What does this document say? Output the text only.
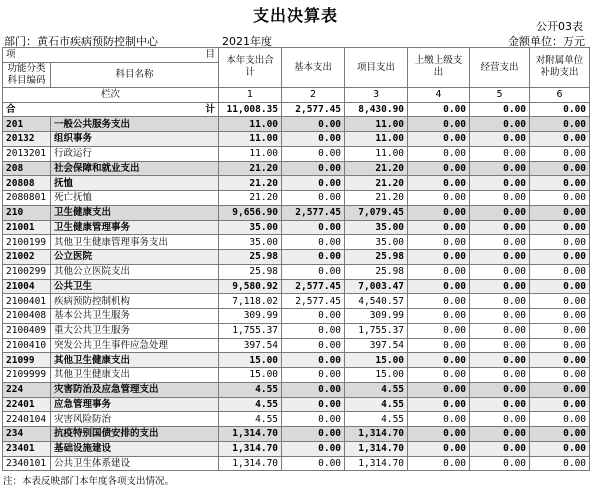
支出决算表
公开03表
部门：黄石市疾病预防控制中心	2021年度	金额单位：万元
项 目		本年支出合计	基本支出	项目支出	上缴上级支出	经营支出	对附属单位补助支出
功能分类科目编码	科目名称						
栏次		1	2	3	4	5	6
合 计		11,008.35	2,577.45	8,430.90	0.00	0.00	0.00
201	一般公共服务支出	11.00	0.00	11.00	0.00	0.00	0.00
20132	组织事务	11.00	0.00	11.00	0.00	0.00	0.00
2013201	行政运行	11.00	0.00	11.00	0.00	0.00	0.00
208	社会保障和就业支出	21.20	0.00	21.20	0.00	0.00	0.00
20808	抚恤	21.20	0.00	21.20	0.00	0.00	0.00
2080801	死亡抚恤	21.20	0.00	21.20	0.00	0.00	0.00
210	卫生健康支出	9,656.90	2,577.45	7,079.45	0.00	0.00	0.00
21001	卫生健康管理事务	35.00	0.00	35.00	0.00	0.00	0.00
2100199	其他卫生健康管理事务支出	35.00	0.00	35.00	0.00	0.00	0.00
21002	公立医院	25.98	0.00	25.98	0.00	0.00	0.00
2100299	其他公立医院支出	25.98	0.00	25.98	0.00	0.00	0.00
21004	公共卫生	9,580.92	2,577.45	7,003.47	0.00	0.00	0.00
2100401	疾病预防控制机构	7,118.02	2,577.45	4,540.57	0.00	0.00	0.00
2100408	基本公共卫生服务	309.99	0.00	309.99	0.00	0.00	0.00
2100409	重大公共卫生服务	1,755.37	0.00	1,755.37	0.00	0.00	0.00
2100410	突发公共卫生事件应急处理	397.54	0.00	397.54	0.00	0.00	0.00
21099	其他卫生健康支出	15.00	0.00	15.00	0.00	0.00	0.00
2109999	其他卫生健康支出	15.00	0.00	15.00	0.00	0.00	0.00
224	灾害防治及应急管理支出	4.55	0.00	4.55	0.00	0.00	0.00
22401	应急管理事务	4.55	0.00	4.55	0.00	0.00	0.00
2240104	灾害风险防治	4.55	0.00	4.55	0.00	0.00	0.00
234	抗疫特别国债安排的支出	1,314.70	0.00	1,314.70	0.00	0.00	0.00
23401	基础设施建设	1,314.70	0.00	1,314.70	0.00	0.00	0.00
2340101	公共卫生体系建设	1,314.70	0.00	1,314.70	0.00	0.00	0.00
注：本表反映部门本年度各项支出情况。
